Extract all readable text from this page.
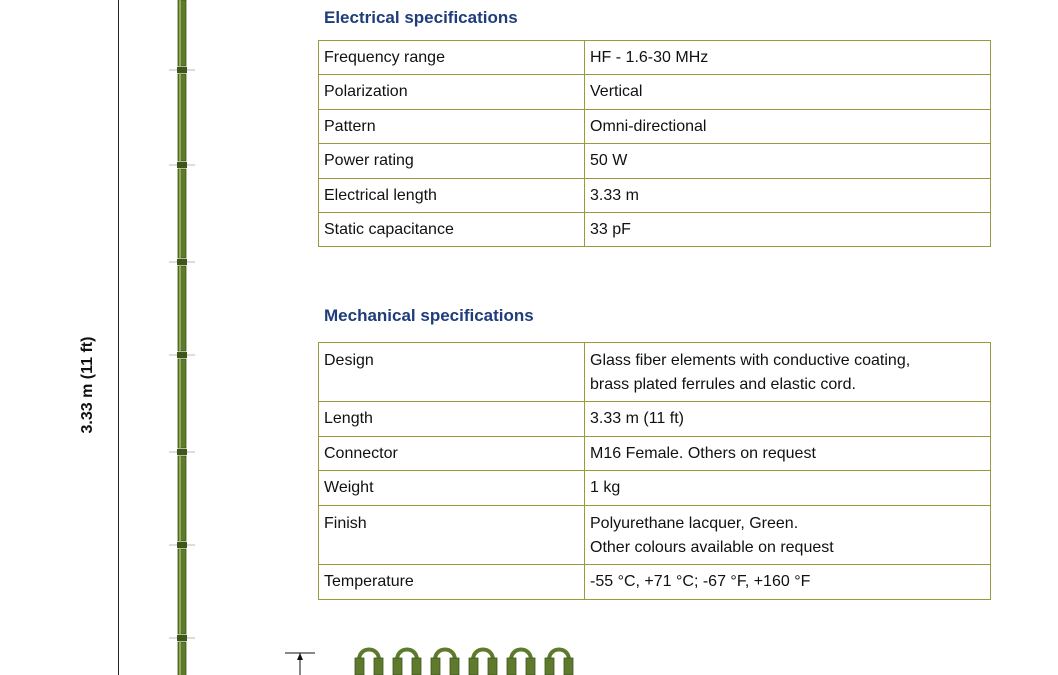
3.33 m (11 ft)
Electrical specifications
Frequency range	HF - 1.6-30 MHz
Polarization	Vertical
Pattern	Omni-directional
Power rating	50 W
Electrical length	3.33 m
Static capacitance	33 pF
Mechanical specifications
Design	Glass fiber elements with conductive coating,
brass plated ferrules and elastic cord.

Length	3.33 m (11 ft)
Connector	M16 Female. Others on request
Weight	1 kg
Finish	Polyurethane lacquer, Green.
Other colours available on request

Temperature	-55 °C, +71 °C; -67 °F, +160 °F
